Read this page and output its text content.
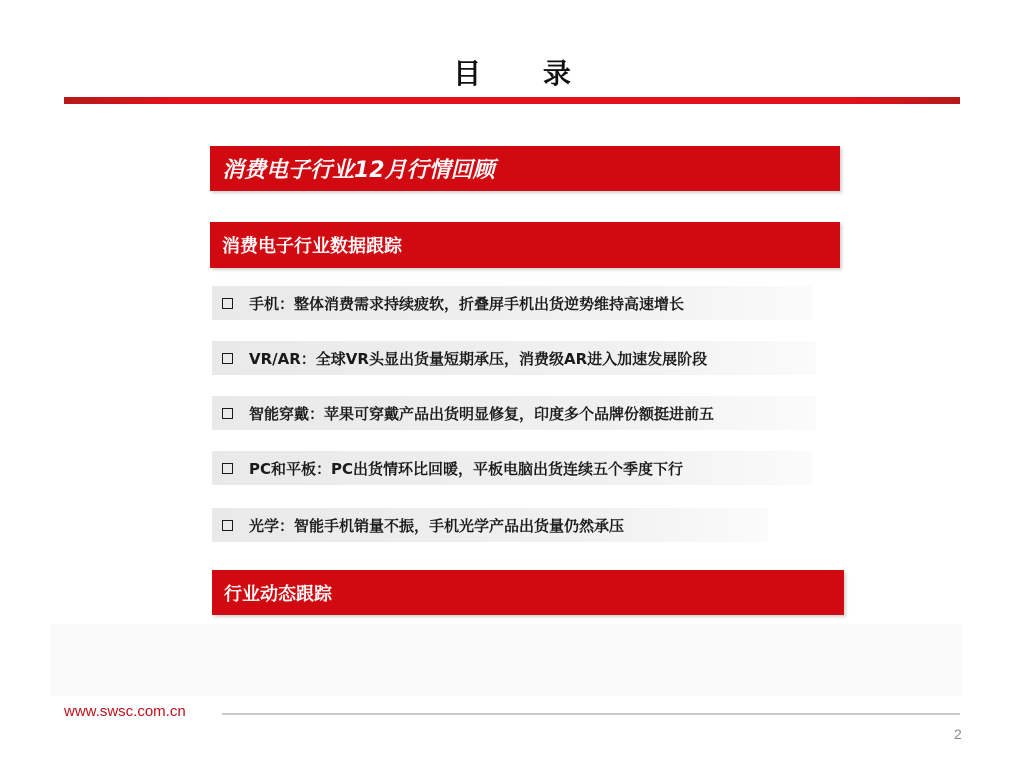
目 录
消费电子行业12月行情回顾
消费电子行业数据跟踪
手机：整体消费需求持续疲软，折叠屏手机出货逆势维持高速增长
VR/AR：全球VR头显出货量短期承压，消费级AR进入加速发展阶段
智能穿戴：苹果可穿戴产品出货明显修复，印度多个品牌份额挺进前五
PC和平板：PC出货情环比回暖，平板电脑出货连续五个季度下行
光学：智能手机销量不振，手机光学产品出货量仍然承压
行业动态跟踪
www.swsc.com.cn
2
